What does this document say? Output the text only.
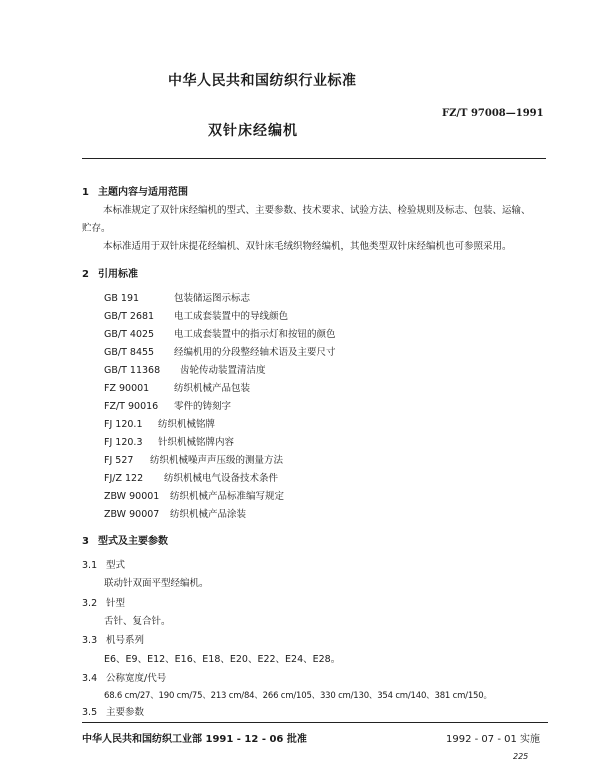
中华人民共和国纺织行业标准
FZ/T 97008—1991
双针床经编机
1 主题内容与适用范围
本标准规定了双针床经编机的型式、主要参数、技术要求、试验方法、检验规则及标志、包装、运输、
贮存。
本标准适用于双针床提花经编机、双针床毛绒织物经编机，其他类型双针床经编机也可参照采用。
2 引用标准
GB 191	包装储运图示标志
GB/T 2681 电工成套装置中的导线颜色
GB/T 4025 电工成套装置中的指示灯和按钮的颜色
GB/T 8455 经编机用的分段整经轴术语及主要尺寸
GB/T 11368 齿轮传动装置清洁度
FZ 90001	纺织机械产品包装
FZ/T 90016 零件的铸刻字
FJ 120.1 纺织机械铭牌
FJ 120.3 针织机械铭牌内容
FJ 527 纺织机械噪声声压级的测量方法
FJ/Z 122 纺织机械电气设备技术条件
ZBW 90001 纺织机械产品标准编写规定
ZBW 90007 纺织机械产品涂装
3 型式及主要参数
3.1 型式
联动针双面平型经编机。
3.2 针型
舌针、复合针。
3.3 机号系列
E6、E9、E12、E16、E18、E20、E22、E24、E28。
3.4 公称宽度/代号
68.6 cm/27、190 cm/75、213 cm/84、266 cm/105、330 cm/130、354 cm/140、381 cm/150。
3.5 主要参数
中华人民共和国纺织工业部 1991 - 12 - 06 批准	1992 - 07 - 01 实施
225
